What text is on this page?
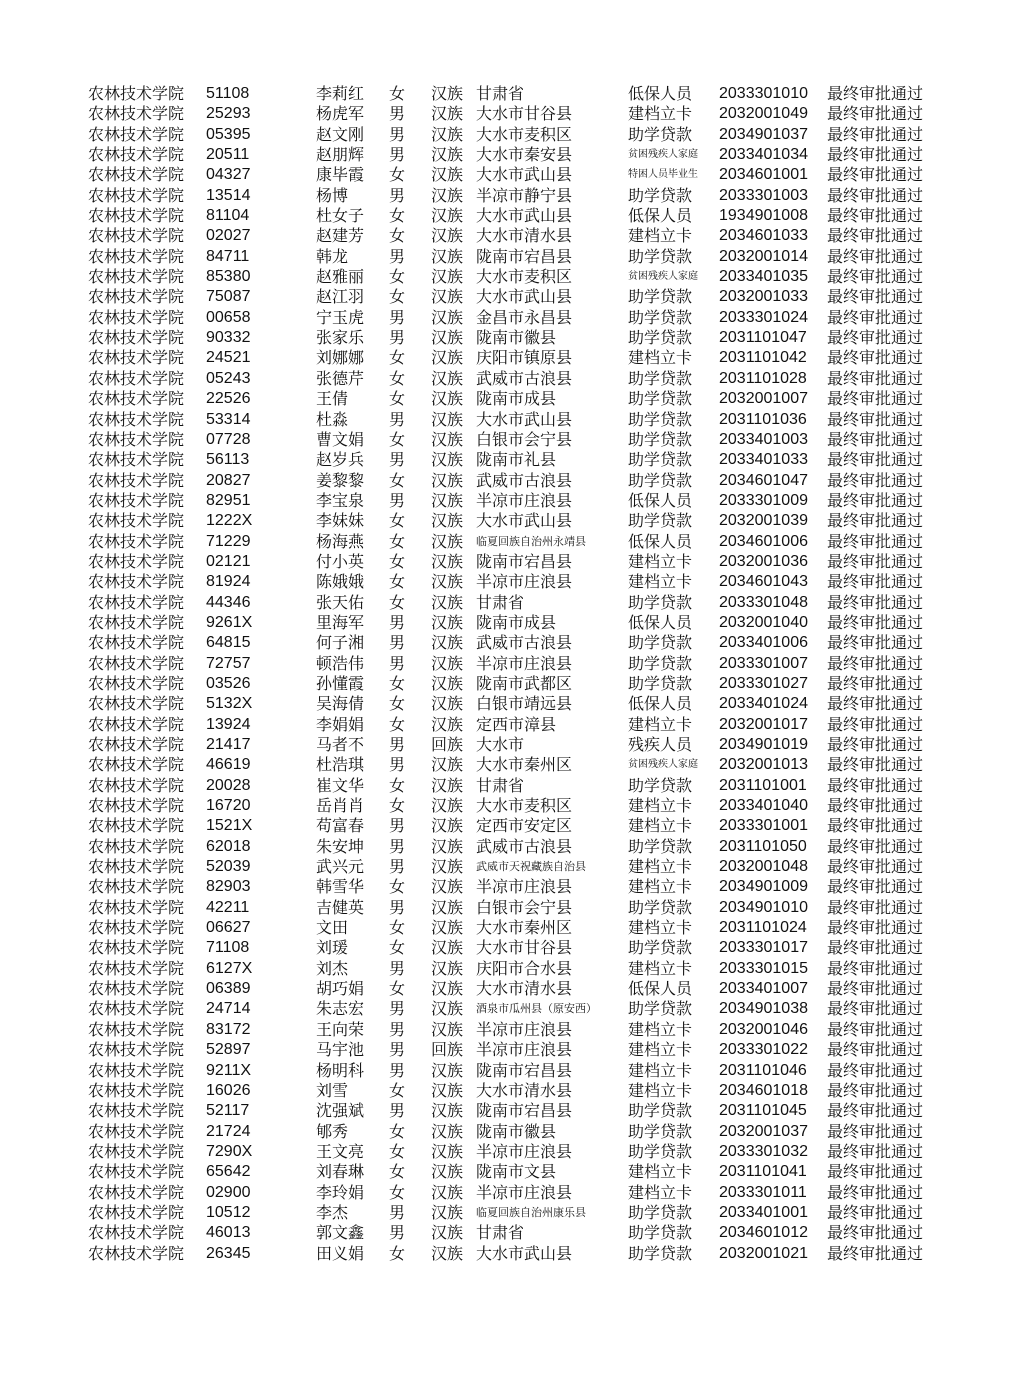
农林技术学院 51108	李莉红 女 汉族 甘肃省	低保人员 2033301010 最终审批通过
农林技术学院 25293	杨虎军 男 汉族 大水市甘谷县	建档立卡 2032001049 最终审批通过
农林技术学院 05395	赵文刚 男 汉族 大水市麦积区	助学贷款 2034901037 最终审批通过
农林技术学院 20511	赵朋辉 男 汉族 大水市秦安县	贫困残疾人家庭 2033401034 最终审批通过
农林技术学院 04327	康毕霞 女 汉族 大水市武山县	特困人员毕业生 2034601001 最终审批通过
农林技术学院 13514	杨博	男 汉族 半凉市静宁县	助学贷款 2033301003 最终审批通过
农林技术学院 81104	杜女子 女 汉族 大水市武山县	低保人员 1934901008 最终审批通过
农林技术学院 02027	赵建芳 女 汉族 大水市清水县	建档立卡 2034601033 最终审批通过
农林技术学院 84711	韩龙	男 汉族 陇南市宕昌县	助学贷款 2032001014 最终审批通过
农林技术学院 85380	赵雅丽 女 汉族 大水市麦积区	贫困残疾人家庭 2033401035 最终审批通过
农林技术学院 75087	赵江羽 女 汉族 大水市武山县	助学贷款 2032001033 最终审批通过
农林技术学院 00658	宁玉虎 男 汉族 金昌市永昌县	助学贷款 2033301024 最终审批通过
农林技术学院 90332	张家乐 男 汉族 陇南市徽县	助学贷款 2031101047 最终审批通过
农林技术学院 24521	刘娜娜 女 汉族 庆阳市镇原县	建档立卡 2031101042 最终审批通过
农林技术学院 05243	张德芹 女 汉族 武威市古浪县	助学贷款 2031101028 最终审批通过
农林技术学院 22526	王倩	女 汉族 陇南市成县	助学贷款 2032001007 最终审批通过
农林技术学院 53314	杜淼	男 汉族 大水市武山县	助学贷款 2031101036 最终审批通过
农林技术学院 07728	曹文娟 女 汉族 白银市会宁县	助学贷款 2033401003 最终审批通过
农林技术学院 56113	赵岁兵 男 汉族 陇南市礼县	助学贷款 2033401033 最终审批通过
农林技术学院 20827	姜黎黎 女 汉族 武威市古浪县	助学贷款 2034601047 最终审批通过
农林技术学院 82951	李宝泉 男 汉族 半凉市庄浪县	低保人员 2033301009 最终审批通过
农林技术学院 1222X	李妹妹 女 汉族 大水市武山县	助学贷款 2032001039 最终审批通过
农林技术学院 71229	杨海燕 女 汉族 临夏回族自治州永靖县	低保人员 2034601006 最终审批通过
农林技术学院 02121	付小英 女 汉族 陇南市宕昌县	建档立卡 2032001036 最终审批通过
农林技术学院 81924	陈娥娥 女 汉族 半凉市庄浪县	建档立卡 2034601043 最终审批通过
农林技术学院 44346	张天佑 女 汉族 甘肃省	助学贷款 2033301048 最终审批通过
农林技术学院 9261X	里海军 男 汉族 陇南市成县	低保人员 2032001040 最终审批通过
农林技术学院 64815	何子湘 男 汉族 武威市古浪县	助学贷款 2033401006 最终审批通过
农林技术学院 72757	顿浩伟 男 汉族 半凉市庄浪县	助学贷款 2033301007 最终审批通过
农林技术学院 03526	孙懂霞 女 汉族 陇南市武都区	助学贷款 2033301027 最终审批通过
农林技术学院 5132X	吴海倩 女 汉族 白银市靖远县	低保人员 2033401024 最终审批通过
农林技术学院 13924	李娟娟 女 汉族 定西市漳县	建档立卡 2032001017 最终审批通过
农林技术学院 21417	马者不 男 回族 大水市	残疾人员 2034901019 最终审批通过
农林技术学院 46619	杜浩琪 男 汉族 大水市秦州区	贫困残疾人家庭 2032001013 最终审批通过
农林技术学院 20028	崔文华 女 汉族 甘肃省	助学贷款 2031101001 最终审批通过
农林技术学院 16720	岳肖肖 女 汉族 大水市麦积区	建档立卡 2033401040 最终审批通过
农林技术学院 1521X	苟富春 男 汉族 定西市安定区	建档立卡 2033301001 最终审批通过
农林技术学院 62018	朱安坤 男 汉族 武威市古浪县	助学贷款 2031101050 最终审批通过
农林技术学院 52039	武兴元 男 汉族 武威市天祝藏族自治县	建档立卡 2032001048 最终审批通过
农林技术学院 82903	韩雪华 女 汉族 半凉市庄浪县	建档立卡 2034901009 最终审批通过
农林技术学院 42211	吉健英 男 汉族 白银市会宁县	助学贷款 2034901010 最终审批通过
农林技术学院 06627	文田	女 汉族 大水市秦州区	建档立卡 2031101024 最终审批通过
农林技术学院 71108	刘瑗	女 汉族 大水市甘谷县	助学贷款 2033301017 最终审批通过
农林技术学院 6127X	刘杰	男 汉族 庆阳市合水县	建档立卡 2033301015 最终审批通过
农林技术学院 06389	胡巧娟 女 汉族 大水市清水县	低保人员 2033401007 最终审批通过
农林技术学院 24714	朱志宏 男 汉族 酒泉市瓜州县（原安西） 助学贷款 2034901038 最终审批通过
农林技术学院 83172	王向荣 男 汉族 半凉市庄浪县	建档立卡 2032001046 最终审批通过
农林技术学院 52897	马宇池 男 回族 半凉市庄浪县	建档立卡 2033301022 最终审批通过
农林技术学院 9211X	杨明科 男 汉族 陇南市宕昌县	建档立卡 2031101046 最终审批通过
农林技术学院 16026	刘雪	女 汉族 大水市清水县	建档立卡 2034601018 最终审批通过
农林技术学院 52117	沈强斌 男 汉族 陇南市宕昌县	助学贷款 2031101045 最终审批通过
农林技术学院 21724	郇秀	女 汉族 陇南市徽县	助学贷款 2032001037 最终审批通过
农林技术学院 7290X	王文亮 女 汉族 半凉市庄浪县	助学贷款 2033301032 最终审批通过
农林技术学院 65642	刘春琳 女 汉族 陇南市文县	建档立卡 2031101041 最终审批通过
农林技术学院 02900	李玲娟 女 汉族 半凉市庄浪县	建档立卡 2033301011 最终审批通过
农林技术学院 10512	李杰	男 汉族 临夏回族自治州康乐县	助学贷款 2033401001 最终审批通过
农林技术学院 46013	郭文鑫 男 汉族 甘肃省	助学贷款 2034601012 最终审批通过
农林技术学院 26345	田义娟 女 汉族 大水市武山县	助学贷款 2032001021 最终审批通过
